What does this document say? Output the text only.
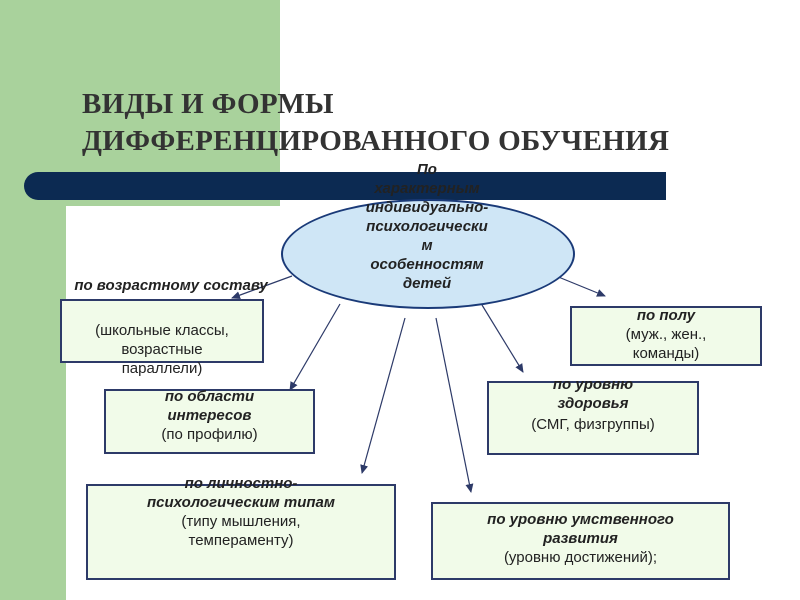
ВИДЫ И ФОРМЫ
ДИФФЕРЕНЦИРОВАННОГО ОБУЧЕНИЯ
По
характерным
индивидуально-
психологически
м
особенностям
детей
по возрастному составу
(школьные классы,
возрастные
параллели)
по области
интересов
(по профилю)
по личностно-
психологическим типам
(типу мышления,
темпераменту)
по уровню умственного
развития
(уровню достижений);
по уровню
здоровья
(СМГ, физгруппы)
по полу
(муж., жен.,
команды)
